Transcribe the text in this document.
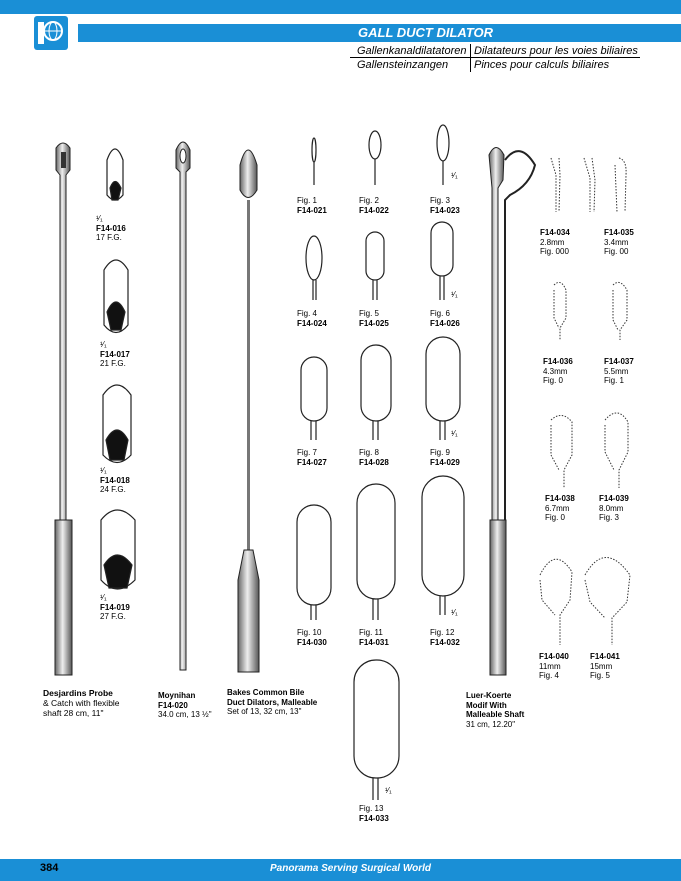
GALL DUCT DILATOR
Gallenkanaldilatatoren Dilatateurs pour les voies biliaires
Gallensteinzangen Pinces pour calculs biliaires
¹⁄₁
F14-016
17 F.G.
¹⁄₁
F14-017
21 F.G.
¹⁄₁
F14-018
24 F.G.
¹⁄₁
F14-019
27 F.G.
Desjardins Probe
& Catch with flexible
shaft 28 cm, 11"
Moynihan
F14-020
34.0 cm, 13 ½"
Bakes Common Bile
Duct Dilators, Malleable
Set of 13, 32 cm, 13"
Fig. 1
F14-021
Fig. 2
F14-022
¹⁄₁
Fig. 3
F14-023
Fig. 4
F14-024
Fig. 5
F14-025
¹⁄₁
Fig. 6
F14-026
Fig. 7
F14-027
Fig. 8
F14-028
¹⁄₁
Fig. 9
F14-029
Fig. 10
F14-030
Fig. 11
F14-031
¹⁄₁
Fig. 12
F14-032
¹⁄₁
Fig. 13
F14-033
Luer-Koerte
Modif With
Malleable Shaft
31 cm, 12.20"
F14-034
2.8mm
Fig. 000
F14-035
3.4mm
Fig. 00
F14-036
4.3mm
Fig. 0
F14-037
5.5mm
Fig. 1
F14-038
6.7mm
Fig. 0
F14-039
8.0mm
Fig. 3
F14-040
11mm
Fig. 4
F14-041
15mm
Fig. 5
384	Panorama Serving Surgical World
